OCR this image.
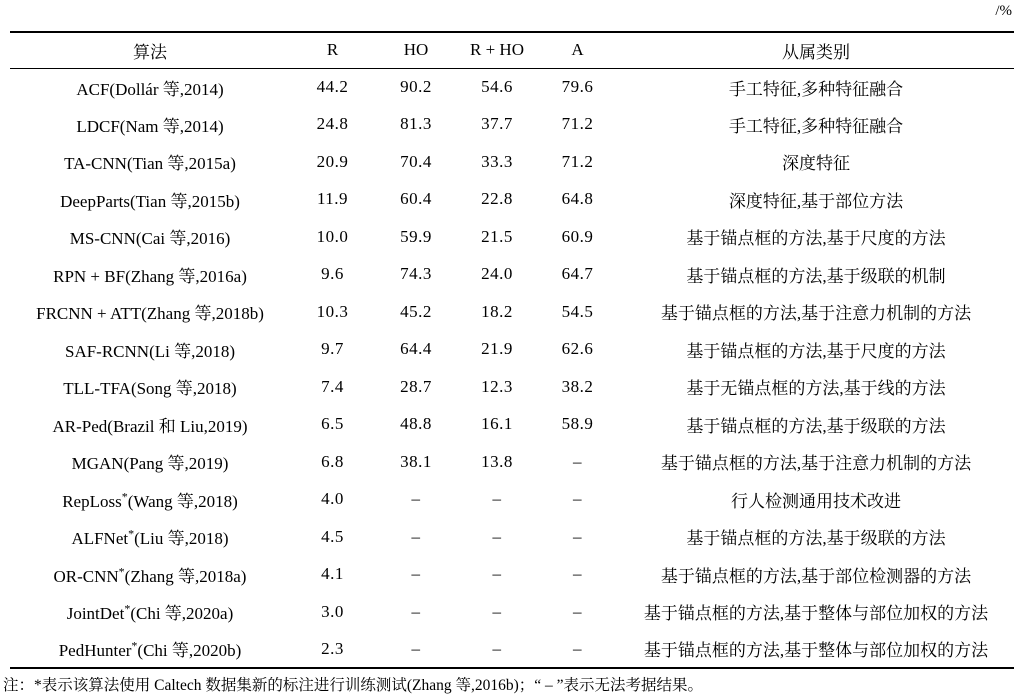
/%
算法	R	HO	R + HO	A	从属类别
ACF(Dollár 等,2014)	44.2	90.2	54.6	79.6	手工特征,多种特征融合
LDCF(Nam 等,2014)	24.8	81.3	37.7	71.2	手工特征,多种特征融合
TA-CNN(Tian 等,2015a)	20.9	70.4	33.3	71.2	深度特征
DeepParts(Tian 等,2015b)	11.9	60.4	22.8	64.8	深度特征,基于部位方法
MS-CNN(Cai 等,2016)	10.0	59.9	21.5	60.9	基于锚点框的方法,基于尺度的方法
RPN + BF(Zhang 等,2016a)	9.6	74.3	24.0	64.7	基于锚点框的方法,基于级联的机制
FRCNN + ATT(Zhang 等,2018b)	10.3	45.2	18.2	54.5	基于锚点框的方法,基于注意力机制的方法
SAF-RCNN(Li 等,2018)	9.7	64.4	21.9	62.6	基于锚点框的方法,基于尺度的方法
TLL-TFA(Song 等,2018)	7.4	28.7	12.3	38.2	基于无锚点框的方法,基于线的方法
AR-Ped(Brazil 和 Liu,2019)	6.5	48.8	16.1	58.9	基于锚点框的方法,基于级联的方法
MGAN(Pang 等,2019)	6.8	38.1	13.8	–	基于锚点框的方法,基于注意力机制的方法
RepLoss*(Wang 等,2018)	4.0	–	–	–	行人检测通用技术改进
ALFNet*(Liu 等,2018)	4.5	–	–	–	基于锚点框的方法,基于级联的方法
OR-CNN*(Zhang 等,2018a)	4.1	–	–	–	基于锚点框的方法,基于部位检测器的方法
JointDet*(Chi 等,2020a)	3.0	–	–	–	基于锚点框的方法,基于整体与部位加权的方法
PedHunter*(Chi 等,2020b)	2.3	–	–	–	基于锚点框的方法,基于整体与部位加权的方法
注：*表示该算法使用 Caltech 数据集新的标注进行训练测试(Zhang 等,2016b)；“ – ”表示无法考据结果。
